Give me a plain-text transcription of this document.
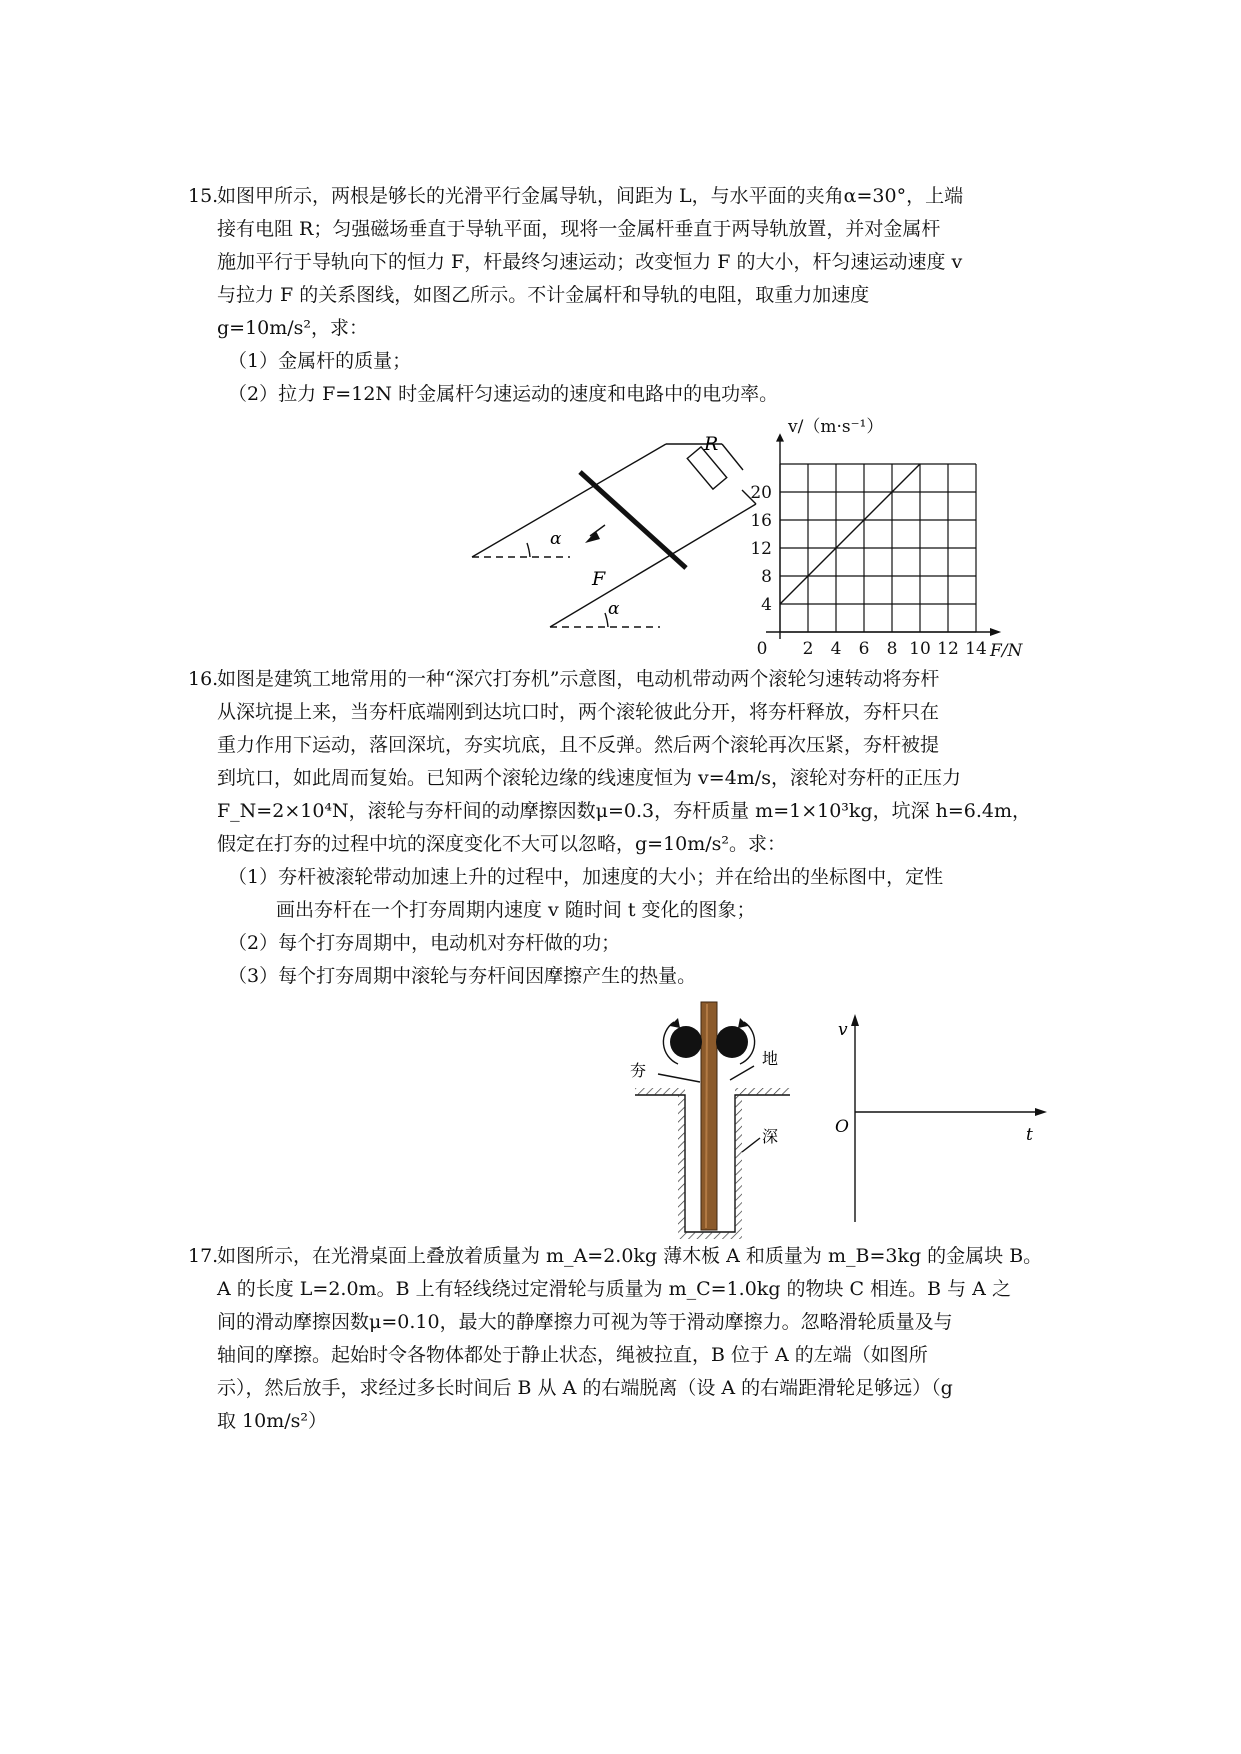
15.
如图甲所示，两根是够长的光滑平行金属导轨，间距为 L，与水平面的夹角α=30°，上端
接有电阻 R；匀强磁场垂直于导轨平面，现将一金属杆垂直于两导轨放置，并对金属杆
施加平行于导轨向下的恒力 F，杆最终匀速运动；改变恒力 F 的大小，杆匀速运动速度 v
与拉力 F 的关系图线，如图乙所示。不计金属杆和导轨的电阻，取重力加速度
g=10m/s²，求：
（1）金属杆的质量；
（2）拉力 F=12N 时金属杆匀速运动的速度和电路中的电功率。
R
F
α
α
2 4 6 8 10 12 14
4
8
12
16
20
0	F/N
v/（m·s⁻¹）
16.
如图是建筑工地常用的一种“深穴打夯机”示意图，电动机带动两个滚轮匀速转动将夯杆
从深坑提上来，当夯杆底端刚到达坑口时，两个滚轮彼此分开，将夯杆释放，夯杆只在
重力作用下运动，落回深坑，夯实坑底，且不反弹。然后两个滚轮再次压紧，夯杆被提
到坑口，如此周而复始。已知两个滚轮边缘的线速度恒为 v=4m/s，滚轮对夯杆的正压力
F_N=2×10⁴N，滚轮与夯杆间的动摩擦因数μ=0.3，夯杆质量 m=1×10³kg，坑深 h=6.4m，
假定在打夯的过程中坑的深度变化不大可以忽略，g=10m/s²。求：
（1）夯杆被滚轮带动加速上升的过程中，加速度的大小；并在给出的坐标图中，定性
画出夯杆在一个打夯周期内速度 v 随时间 t 变化的图象；
（2）每个打夯周期中，电动机对夯杆做的功；
（3）每个打夯周期中滚轮与夯杆间因摩擦产生的热量。
夯
地
深
v
t
O
17.
如图所示，在光滑桌面上叠放着质量为 m_A=2.0kg 薄木板 A 和质量为 m_B=3kg 的金属块 B。
A 的长度 L=2.0m。B 上有轻线绕过定滑轮与质量为 m_C=1.0kg 的物块 C 相连。B 与 A 之
间的滑动摩擦因数μ=0.10，最大的静摩擦力可视为等于滑动摩擦力。忽略滑轮质量及与
轴间的摩擦。起始时令各物体都处于静止状态，绳被拉直，B 位于 A 的左端（如图所
示），然后放手，求经过多长时间后 B 从 A 的右端脱离（设 A 的右端距滑轮足够远）（g
取 10m/s²）
